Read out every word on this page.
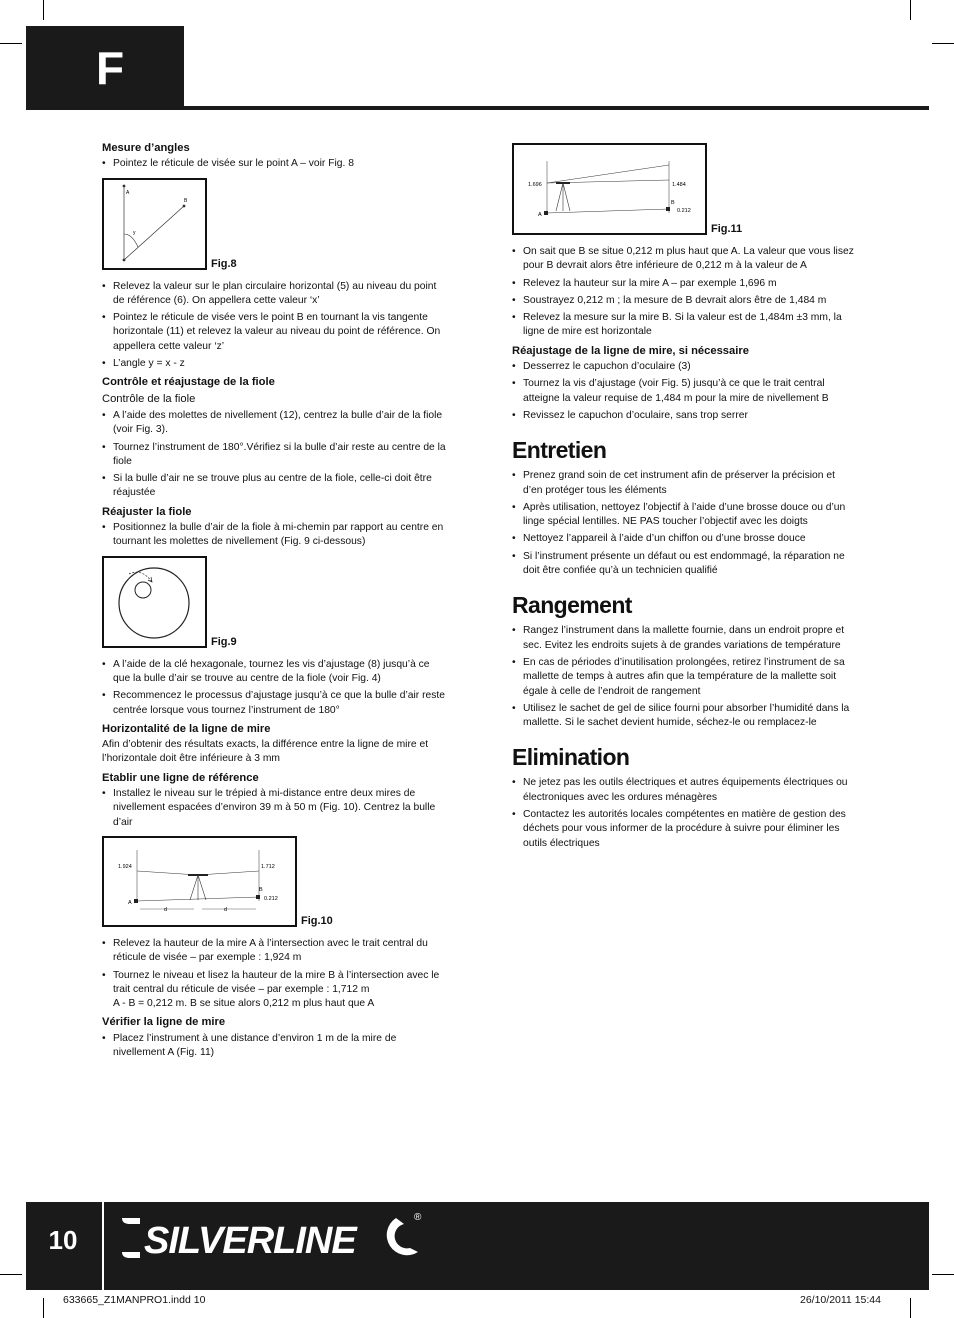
F
Mesure d’angles
• Pointez le réticule de visée sur le point A – voir Fig. 8
A
B
y
Fig.8
• Relevez la valeur sur le plan circulaire horizontal (5) au niveau du point de référence (6). On appellera cette valeur ‘x’
• Pointez le réticule de visée vers le point B en tournant la vis tangente horizontale (11) et relevez la valeur au niveau du point de référence. On appellera cette valeur ‘z’
• L’angle y = x - z
Contrôle et réajustage de la fiole
Contrôle de la fiole
• A l’aide des molettes de nivellement (12), centrez la bulle d’air de la fiole (voir Fig. 3).
• Tournez l’instrument de 180°.Vérifiez si la bulle d’air reste au centre de la fiole
• Si la bulle d’air ne se trouve plus au centre de la fiole, celle-ci doit être réajustée
Réajuster la fiole
• Positionnez la bulle d’air de la fiole à mi-chemin par rapport au centre en tournant les molettes de nivellement (Fig. 9 ci-dessous)
Fig.9
• A l’aide de la clé hexagonale, tournez les vis d’ajustage (8) jusqu’à ce que la bulle d’air se trouve au centre de la fiole (voir Fig. 4)
• Recommencez le processus d’ajustage jusqu’à ce que la bulle d’air reste centrée lorsque vous tournez l’instrument de 180°
Horizontalité de la ligne de mire
Afin d’obtenir des résultats exacts, la différence entre la ligne de mire et l’horizontale doit être inférieure à 3 mm
Etablir une ligne de référence
• Installez le niveau sur le trépied à mi-distance entre deux mires de nivellement espacées d’environ 39 m à 50 m (Fig. 10). Centrez la bulle d’air
1.924	1.712
A
B
0.212
d	d
Fig.10
• Relevez la hauteur de la mire A à l’intersection avec le trait central du réticule de visée – par exemple : 1,924 m
• Tournez le niveau et lisez la hauteur de la mire B à l’intersection avec le trait central du réticule de visée – par exemple : 1,712 m
A - B = 0,212 m. B se situe alors 0,212 m plus haut que A
Vérifier la ligne de mire
• Placez l’instrument à une distance d’environ 1 m de la mire de nivellement A (Fig. 11)
1.696	1.484
A
B
0.212
Fig.11
• On sait que B se situe 0,212 m plus haut que A. La valeur que vous lisez pour B devrait alors être inférieure de 0,212 m à la valeur de A
• Relevez la hauteur sur la mire A – par exemple 1,696 m
• Soustrayez 0,212 m ; la mesure de B devrait alors être de 1,484 m
• Relevez la mesure sur la mire B. Si la valeur est de 1,484m ±3 mm, la ligne de mire est horizontale
Réajustage de la ligne de mire, si nécessaire
• Desserrez le capuchon d’oculaire (3)
• Tournez la vis d’ajustage (voir Fig. 5) jusqu’à ce que le trait central atteigne la valeur requise de 1,484 m pour la mire de nivellement B
• Revissez le capuchon d’oculaire, sans trop serrer
Entretien
• Prenez grand soin de cet instrument afin de préserver la précision et d’en protéger tous les éléments
• Après utilisation, nettoyez l’objectif à l’aide d’une brosse douce ou d’un linge spécial lentilles. NE PAS toucher l’objectif avec les doigts
• Nettoyez l’appareil à l’aide d’un chiffon ou d’une brosse douce
• Si l’instrument présente un défaut ou est endommagé, la réparation ne doit être confiée qu’à un technicien qualifié
Rangement
• Rangez l’instrument dans la mallette fournie, dans un endroit propre et sec. Evitez les endroits sujets à de grandes variations de température
• En cas de périodes d’inutilisation prolongées, retirez l’instrument de sa mallette de temps à autres afin que la température de la mallette soit égale à celle de l’endroit de rangement
• Utilisez le sachet de gel de silice fourni pour absorber l’humidité dans la mallette. Si le sachet devient humide, séchez-le ou remplacez-le
Elimination
• Ne jetez pas les outils électriques et autres équipements électriques ou électroniques avec les ordures ménagères
• Contactez les autorités locales compétentes en matière de gestion des déchets pour vous informer de la procédure à suivre pour éliminer les outils électriques
10	SILVERLINE
®
633665_Z1MANPRO1.indd 10	26/10/2011 15:44
